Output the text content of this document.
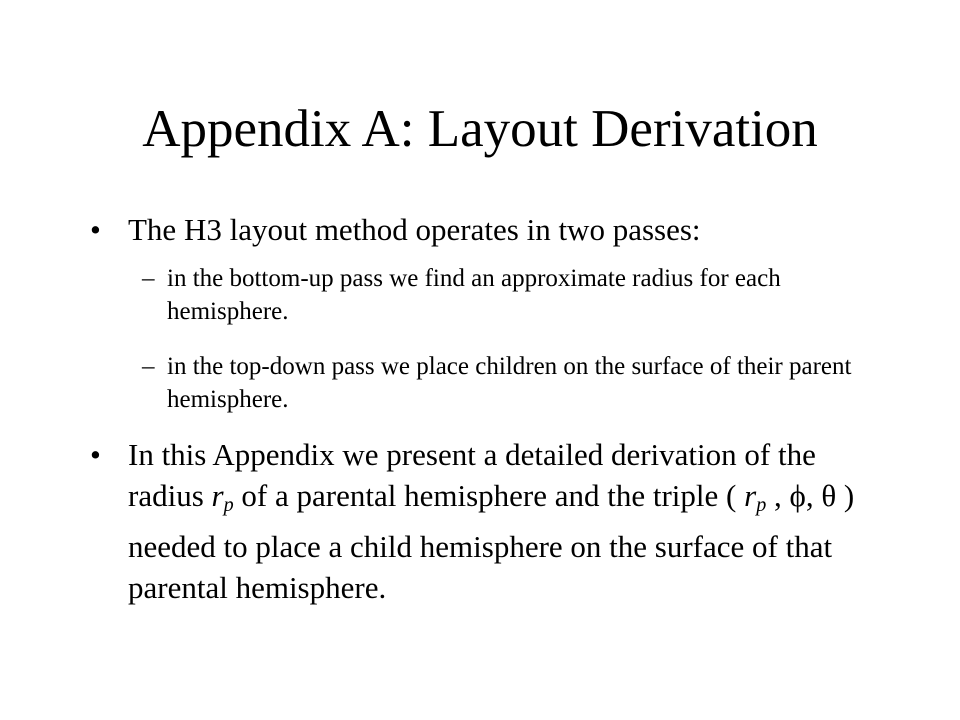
Appendix A: Layout Derivation
• The H3 layout method operates in two passes:
– in the bottom-up pass we find an approximate radius for each hemisphere.
– in the top-down pass we place children on the surface of their parent hemisphere.
• In this Appendix we present a detailed derivation of the radius $r_p$ of a parental hemisphere and the triple ( $r_p$ , ϕ, θ ) needed to place a child hemisphere on the surface of that parental hemisphere.
